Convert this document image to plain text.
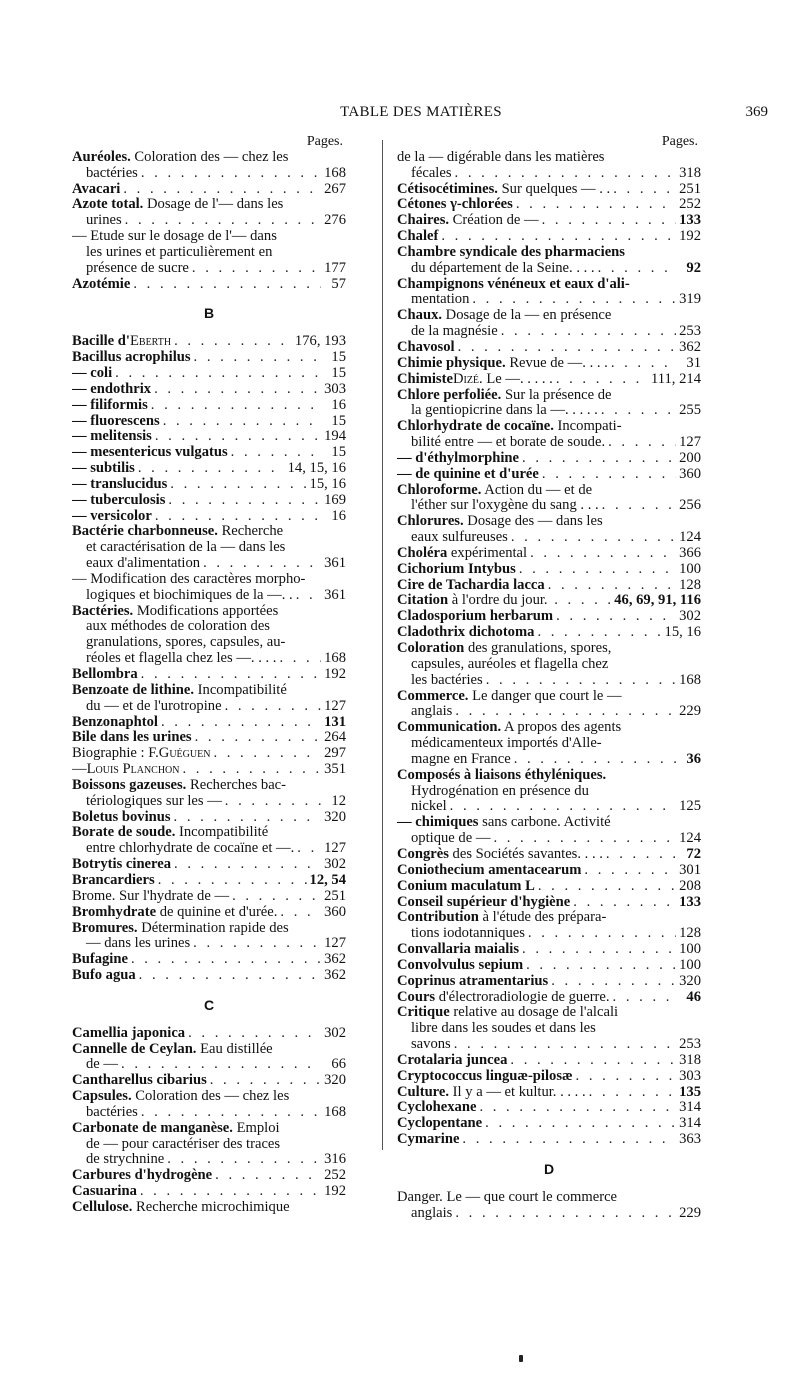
TABLE DES MATIÈRES	369
Pages.
Auréoles. Coloration des — chez les
bactéries . . .	168
Avacari . . .	267
Azote total. Dosage de l'— dans les
urines . . .	276
— Etude sur le dosage de l'— dans
les urines et particulièrement en
présence de sucre . . .	177
Azotémie . . .	57
B
Bacille d' Eberth . . .	176, 193
Bacillus acrophilus . . .	15
— coli . . .	15
— endothrix . . .	303
— filiformis . . .	16
— fluorescens . . .	15
— melitensis . . .	194
— mesentericus vulgatus . . .	15
— subtilis . . .	14, 15, 16
— translucidus . . .	15, 16
— tuberculosis . . .	169
— versicolor . . .	16
Bactérie charbonneuse. Recherche
et caractérisation de la — dans les
eaux d'alimentation . . .	361
— Modification des caractères morpho-
logiques et biochimiques de la —. . . . . 361
Bactéries. Modifications apportées
aux méthodes de coloration des
granulations, spores, capsules, au-
réoles et flagella chez les —. . . . . . .	168
Bellombra . . .	192
Benzoate de lithine. Incompatibilité
du — et de l'urotropine . . .	127
Benzonaphtol . . .	131
Bile dans les urines . . .	264
Biographie : F. Guéguen . . .	297
— Louis Planchon . . .	351
Boissons gazeuses. Recherches bac-
tériologiques sur les — . . .	12
Boletus bovinus . . .	320
Borate de soude. Incompatibilité
entre chlorhydrate de cocaïne et —. . . . 127
Botrytis cinerea . . .	302
Brancardiers . . .	12, 54
Brome. Sur l'hydrate de — . . .	251
Bromhydrate de quinine et d'urée. . . .	360
Bromures. Détermination rapide des
— dans les urines . . .	127
Bufagine . . .	362
Bufo agua . . .	362
C
Camellia japonica . . .	302
Cannelle de Ceylan. Eau distillée
de — . . .	66
Cantharellus cibarius . . .	320
Capsules. Coloration des — chez les
bactéries . . .	168
Carbonate de manganèse. Emploi
de — pour caractériser des traces
de strychnine . . .	316
Carbures d'hydrogène . . .	252
Casuarina . . .	192
Cellulose. Recherche microchimique
Pages.
de la — digérable dans les matières
fécales . . .	318
Cétisocétimines. Sur quelques — . . . . .	251
Cétones γ-chlorées . . .	252
Chaires. Création de — . . .	133
Chalef . . .	192
Chambre syndicale des pharmaciens
du département de la Seine. . . . . . .	92
Champignons vénéneux et eaux d'ali-
mentation . . .	319
Chaux. Dosage de la — en présence
de la magnésie . . .	253
Chavosol . . .	362
Chimie physique. Revue de —. . . . . . .	31
Chimiste Dizé . Le —. . . . . . . .	111, 214
Chlore perfoliée. Sur la présence de
la gentiopicrine dans la —. . . . . . . .	255
Chlorhydrate de cocaïne. Incompati-
bilité entre — et borate de soude. . . .	127
— d'éthylmorphine . . .	200
— de quinine et d'urée . . .	360
Chloroforme. Action du — et de
l'éther sur l'oxygène du sang . . . . . .	256
Chlorures. Dosage des — dans les
eaux sulfureuses . . .	124
Choléra expérimental . . .	366
Cichorium Intybus . . .	100
Cire de Tachardia lacca . . .	128
Citation à l'ordre du jour. . . .	46, 69, 91, 116
Cladosporium herbarum . . .	302
Cladothrix dichotoma . . .	15, 16
Coloration des granulations, spores,
capsules, auréoles et flagella chez
les bactéries . . .	168
Commerce. Le danger que court le —
anglais . . .	229
Communication. A propos des agents
médicamenteux importés d'Alle-
magne en France . . .	36
Composés à liaisons éthyléniques.
Hydrogénation en présence du
nickel . . .	125
— chimiques sans carbone. Activité
optique de — . . .	124
Congrès des Sociétés savantes. . . . . . .	72
Coniothecium amentacearum . . .	301
Conium maculatum L . . .	208
Conseil supérieur d'hygiène . . .	133
Contribution à l'étude des prépara-
tions iodotanniques . . .	128
Convallaria maialis . . .	100
Convolvulus sepium . . .	100
Coprinus atramentarius . . .	320
Cours d'électroradiologie de guerre. . . .	46
Critique relative au dosage de l'alcali
libre dans les soudes et dans les
savons . . .	253
Crotalaria juncea . . .	318
Cryptococcus linguæ-pilosæ . . .	303
Culture. Il y a — et kultur. . . . . . . .	135
Cyclohexane . . .	314
Cyclopentane . . .	314
Cymarine . . .	363
D
Danger. Le — que court le commerce
anglais . . .	229
